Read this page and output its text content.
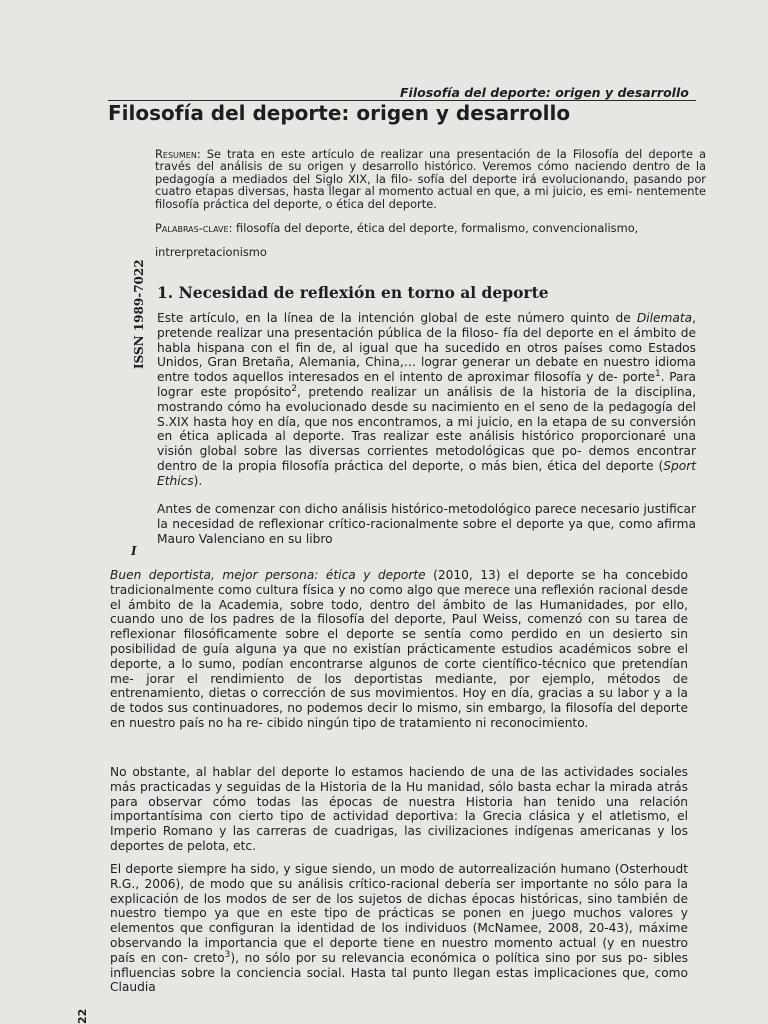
Filosofía del deporte: origen y desarrollo
Filosofía del deporte: origen y desarrollo

Resumen: Se trata en este artículo de realizar una presentación de la Filosofía del deporte a través del análisis de su origen y desarrollo histórico. Veremos cómo naciendo dentro de la pedagogía a mediados del Siglo XIX, la filo- sofía del deporte irá evolucionando, pasando por cuatro etapas diversas, hasta llegar al momento actual en que, a mi juicio, es emi- nentemente filosofía práctica del deporte, o ética del deporte.

Palabras-clave: filosofía del deporte, ética del deporte, formalismo, convencionalismo,

intrerpretacionismo

ISSN 1989-7022 1. Necesidad de reflexión en torno al deporte

Este artículo, en la línea de la intención global de este número quinto de Dilemata, pretende realizar una presentación pública de la filoso- fía del deporte en el ámbito de habla hispana con el fin de, al igual que ha sucedido en otros países como Estados Unidos, Gran Bretaña, Alemania, China,… lograr generar un debate en nuestro idioma entre todos aquellos interesados en el intento de aproximar filosofía y de- porte$^1$. Para lograr este propósito$^2$, pretendo realizar un análisis de la historia de la disciplina, mostrando cómo ha evolucionado desde su nacimiento en el seno de la pedagogía del S.XIX hasta hoy en día, que nos encontramos, a mi juicio, en la etapa de su conversión en ética aplicada al deporte. Tras realizar este análisis histórico proporcionaré una visión global sobre las diversas corrientes metodológicas que po- demos encontrar dentro de la propia filosofía práctica del deporte, o más bien, ética del deporte (Sport Ethics).

Antes de comenzar con dicho análisis histórico-metodológico parece necesario justificar la necesidad de reflexionar crítico-racionalmente sobre el deporte ya que, como afirma Mauro Valenciano en su libro

I

Buen deportista, mejor persona: ética y deporte (2010, 13) el deporte se ha concebido tradicionalmente como cultura física y no como algo que merece una reflexión racional desde el ámbito de la Academia, sobre todo, dentro del ámbito de las Humanidades, por ello, cuando uno de los padres de la filosofía del deporte, Paul Weiss, comenzó con su tarea de reflexionar filosóficamente sobre el deporte se sentía como perdido en un desierto sin posibilidad de guía alguna ya que no existían prácticamente estudios académicos sobre el deporte, a lo sumo, podían encontrarse algunos de corte científico-técnico que pretendían me- jorar el rendimiento de los deportistas mediante, por ejemplo, métodos de entrenamiento, dietas o corrección de sus movimientos. Hoy en día, gracias a su labor y a la de todos sus continuadores, no podemos decir lo mismo, sin embargo, la filosofía del deporte en nuestro país no ha re- cibido ningún tipo de tratamiento ni reconocimiento.

No obstante, al hablar del deporte lo estamos haciendo de una de las actividades sociales más practicadas y seguidas de la Historia de la Hu manidad, sólo basta echar la mirada atrás para observar cómo todas las épocas de nuestra Historia han tenido una relación importantísima con cierto tipo de actividad deportiva: la Grecia clásica y el atletismo, el Imperio Romano y las carreras de cuadrigas, las civilizaciones indígenas americanas y los deportes de pelota, etc.

El deporte siempre ha sido, y sigue siendo, un modo de autorrealización humano (Osterhoudt R.G., 2006), de modo que su análisis crítico-racional debería ser importante no sólo para la explicación de los modos de ser de los sujetos de dichas épocas históricas, sino también de nuestro tiempo ya que en este tipo de prácticas se ponen en juego muchos valores y elementos que configuran la identidad de los individuos (McNamee, 2008, 20-43), máxime observando la importancia que el deporte tiene en nuestro momento actual (y en nuestro país en con- creto$^3$), no sólo por su relevancia económica o política sino por sus po- sibles influencias sobre la conciencia social. Hasta tal punto llegan estas implicaciones que, como Claudia

22
